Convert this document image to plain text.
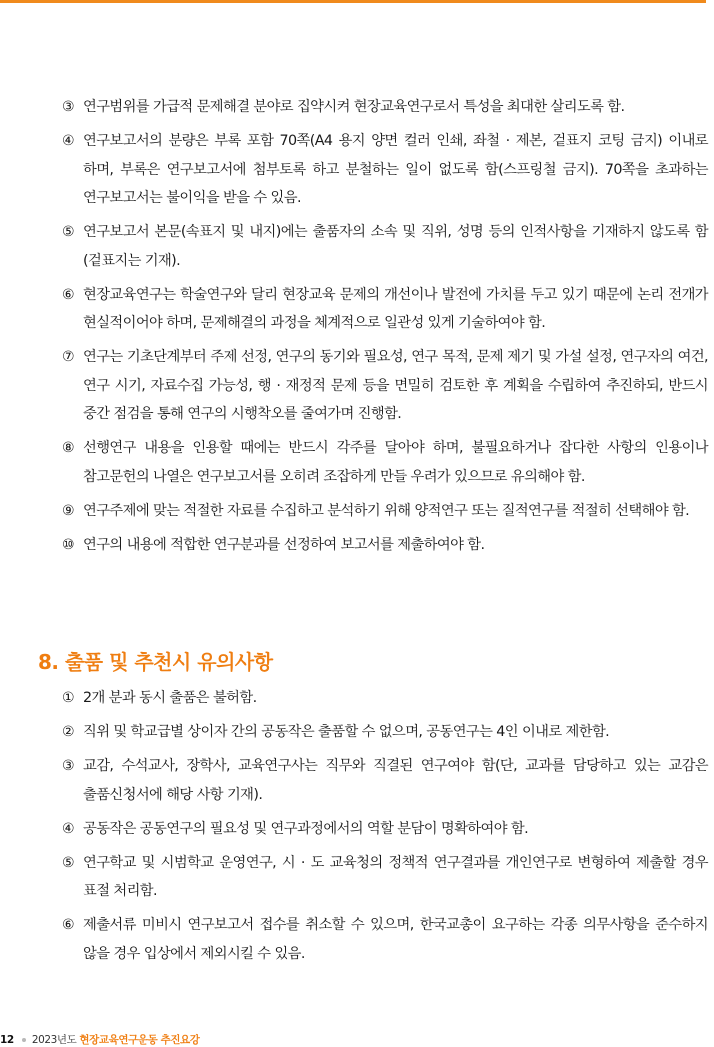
③ 연구범위를 가급적 문제해결 분야로 집약시켜 현장교육연구로서 특성을 최대한 살리도록 함.
④ 연구보고서의 분량은 부록 포함 70쪽(A4 용지 양면 컬러 인쇄, 좌철 · 제본, 겉표지 코팅 금지) 이내로 하며, 부록은 연구보고서에 첨부토록 하고 분철하는 일이 없도록 함(스프링철 금지). 70쪽을 초과하는 연구보고서는 불이익을 받을 수 있음.
⑤ 연구보고서 본문(속표지 및 내지)에는 출품자의 소속 및 직위, 성명 등의 인적사항을 기재하지 않도록 함(겉표지는 기재).
⑥ 현장교육연구는 학술연구와 달리 현장교육 문제의 개선이나 발전에 가치를 두고 있기 때문에 논리 전개가 현실적이어야 하며, 문제해결의 과정을 체계적으로 일관성 있게 기술하여야 함.
⑦ 연구는 기초단계부터 주제 선정, 연구의 동기와 필요성, 연구 목적, 문제 제기 및 가설 설정, 연구자의 여건, 연구 시기, 자료수집 가능성, 행 · 재정적 문제 등을 면밀히 검토한 후 계획을 수립하여 추진하되, 반드시 중간 점검을 통해 연구의 시행착오를 줄여가며 진행함.
⑧ 선행연구 내용을 인용할 때에는 반드시 각주를 달아야 하며, 불필요하거나 잡다한 사항의 인용이나 참고문헌의 나열은 연구보고서를 오히려 조잡하게 만들 우려가 있으므로 유의해야 함.
⑨ 연구주제에 맞는 적절한 자료를 수집하고 분석하기 위해 양적연구 또는 질적연구를 적절히 선택해야 함.
⑩ 연구의 내용에 적합한 연구분과를 선정하여 보고서를 제출하여야 함.
8. 출품 및 추천시 유의사항
① 2개 분과 동시 출품은 불허함.
② 직위 및 학교급별 상이자 간의 공동작은 출품할 수 없으며, 공동연구는 4인 이내로 제한함.
③ 교감, 수석교사, 장학사, 교육연구사는 직무와 직결된 연구여야 함(단, 교과를 담당하고 있는 교감은 출품신청서에 해당 사항 기재).
④ 공동작은 공동연구의 필요성 및 연구과정에서의 역할 분담이 명확하여야 함.
⑤ 연구학교 및 시범학교 운영연구, 시 · 도 교육청의 정책적 연구결과를 개인연구로 변형하여 제출할 경우 표절 처리함.
⑥ 제출서류 미비시 연구보고서 접수를 취소할 수 있으며, 한국교총이 요구하는 각종 의무사항을 준수하지 않을 경우 입상에서 제외시킬 수 있음.
12 2023년도 현장교육연구운동 추진요강
